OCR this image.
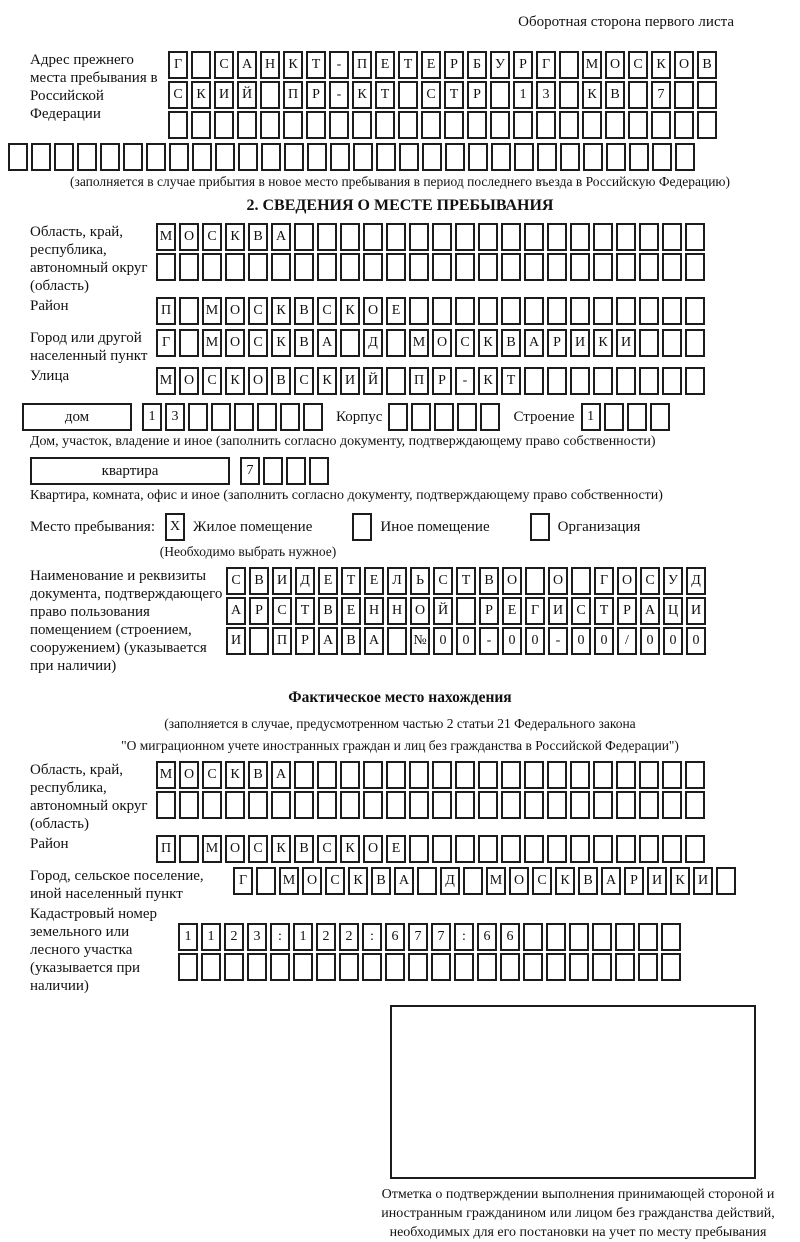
Оборотная сторона первого листа
Адрес прежнего места пребывания в Российской Федерации
Г	С А Н К Т - П Е Т Е Р Б У Р Г	М О С К О В
С К И Й	П Р - К Т	С Т Р	1 3	К В	7
(заполняется в случае прибытия в новое место пребывания в период последнего въезда в Российскую Федерацию)
2. СВЕДЕНИЯ О МЕСТЕ ПРЕБЫВАНИЯ
Область, край, республика, автономный округ (область)
М О С К В А
Район	П М О С К В С К О Е
Город или другой населенный пункт
Г	М О С К В А	Д М О С К В А Р И К И
Улица	М О С К О В С К И Й	П Р - К Т
дом	1 3	Корпус	Строение 1
Дом, участок, владение и иное (заполнить согласно документу, подтверждающему право собственности)
квартира	7
Квартира, комната, офис и иное (заполнить согласно документу, подтверждающему право собственности)
Место пребывания:	X Жилое помещение	Иное помещение	Организация
(Необходимо выбрать нужное)
Наименование и реквизиты документа, подтверждающего право пользования помещением (строением, сооружением) (указывается при наличии)
С В И Д Е Т Е Л Ь С Т В О	О	Г О С У Д
А Р С Т В Е Н Н О Й	Р Е Г И С Т Р А Ц И
И	П Р А В А № 0 0 - 0 0 - 0 0 / 0 0 0
Фактическое место нахождения
(заполняется в случае, предусмотренном частью 2 статьи 21 Федерального закона
"О миграционном учете иностранных граждан и лиц без гражданства в Российской Федерации")
Область, край, республика, автономный округ (область)
М О С К В А
Район	П М О С К В С К О Е
Город, сельское поселение, иной населенный пункт
Г	М О С К В А	Д М О С К В А Р И К И
Кадастровый номер земельного или лесного участка (указывается при наличии)
1 1 2 3 : 1 2 2 : 6 7 7 : 6 6
Отметка о подтверждении выполнения принимающей стороной и иностранным гражданином или лицом без гражданства действий, необходимых для его постановки на учет по месту пребывания
